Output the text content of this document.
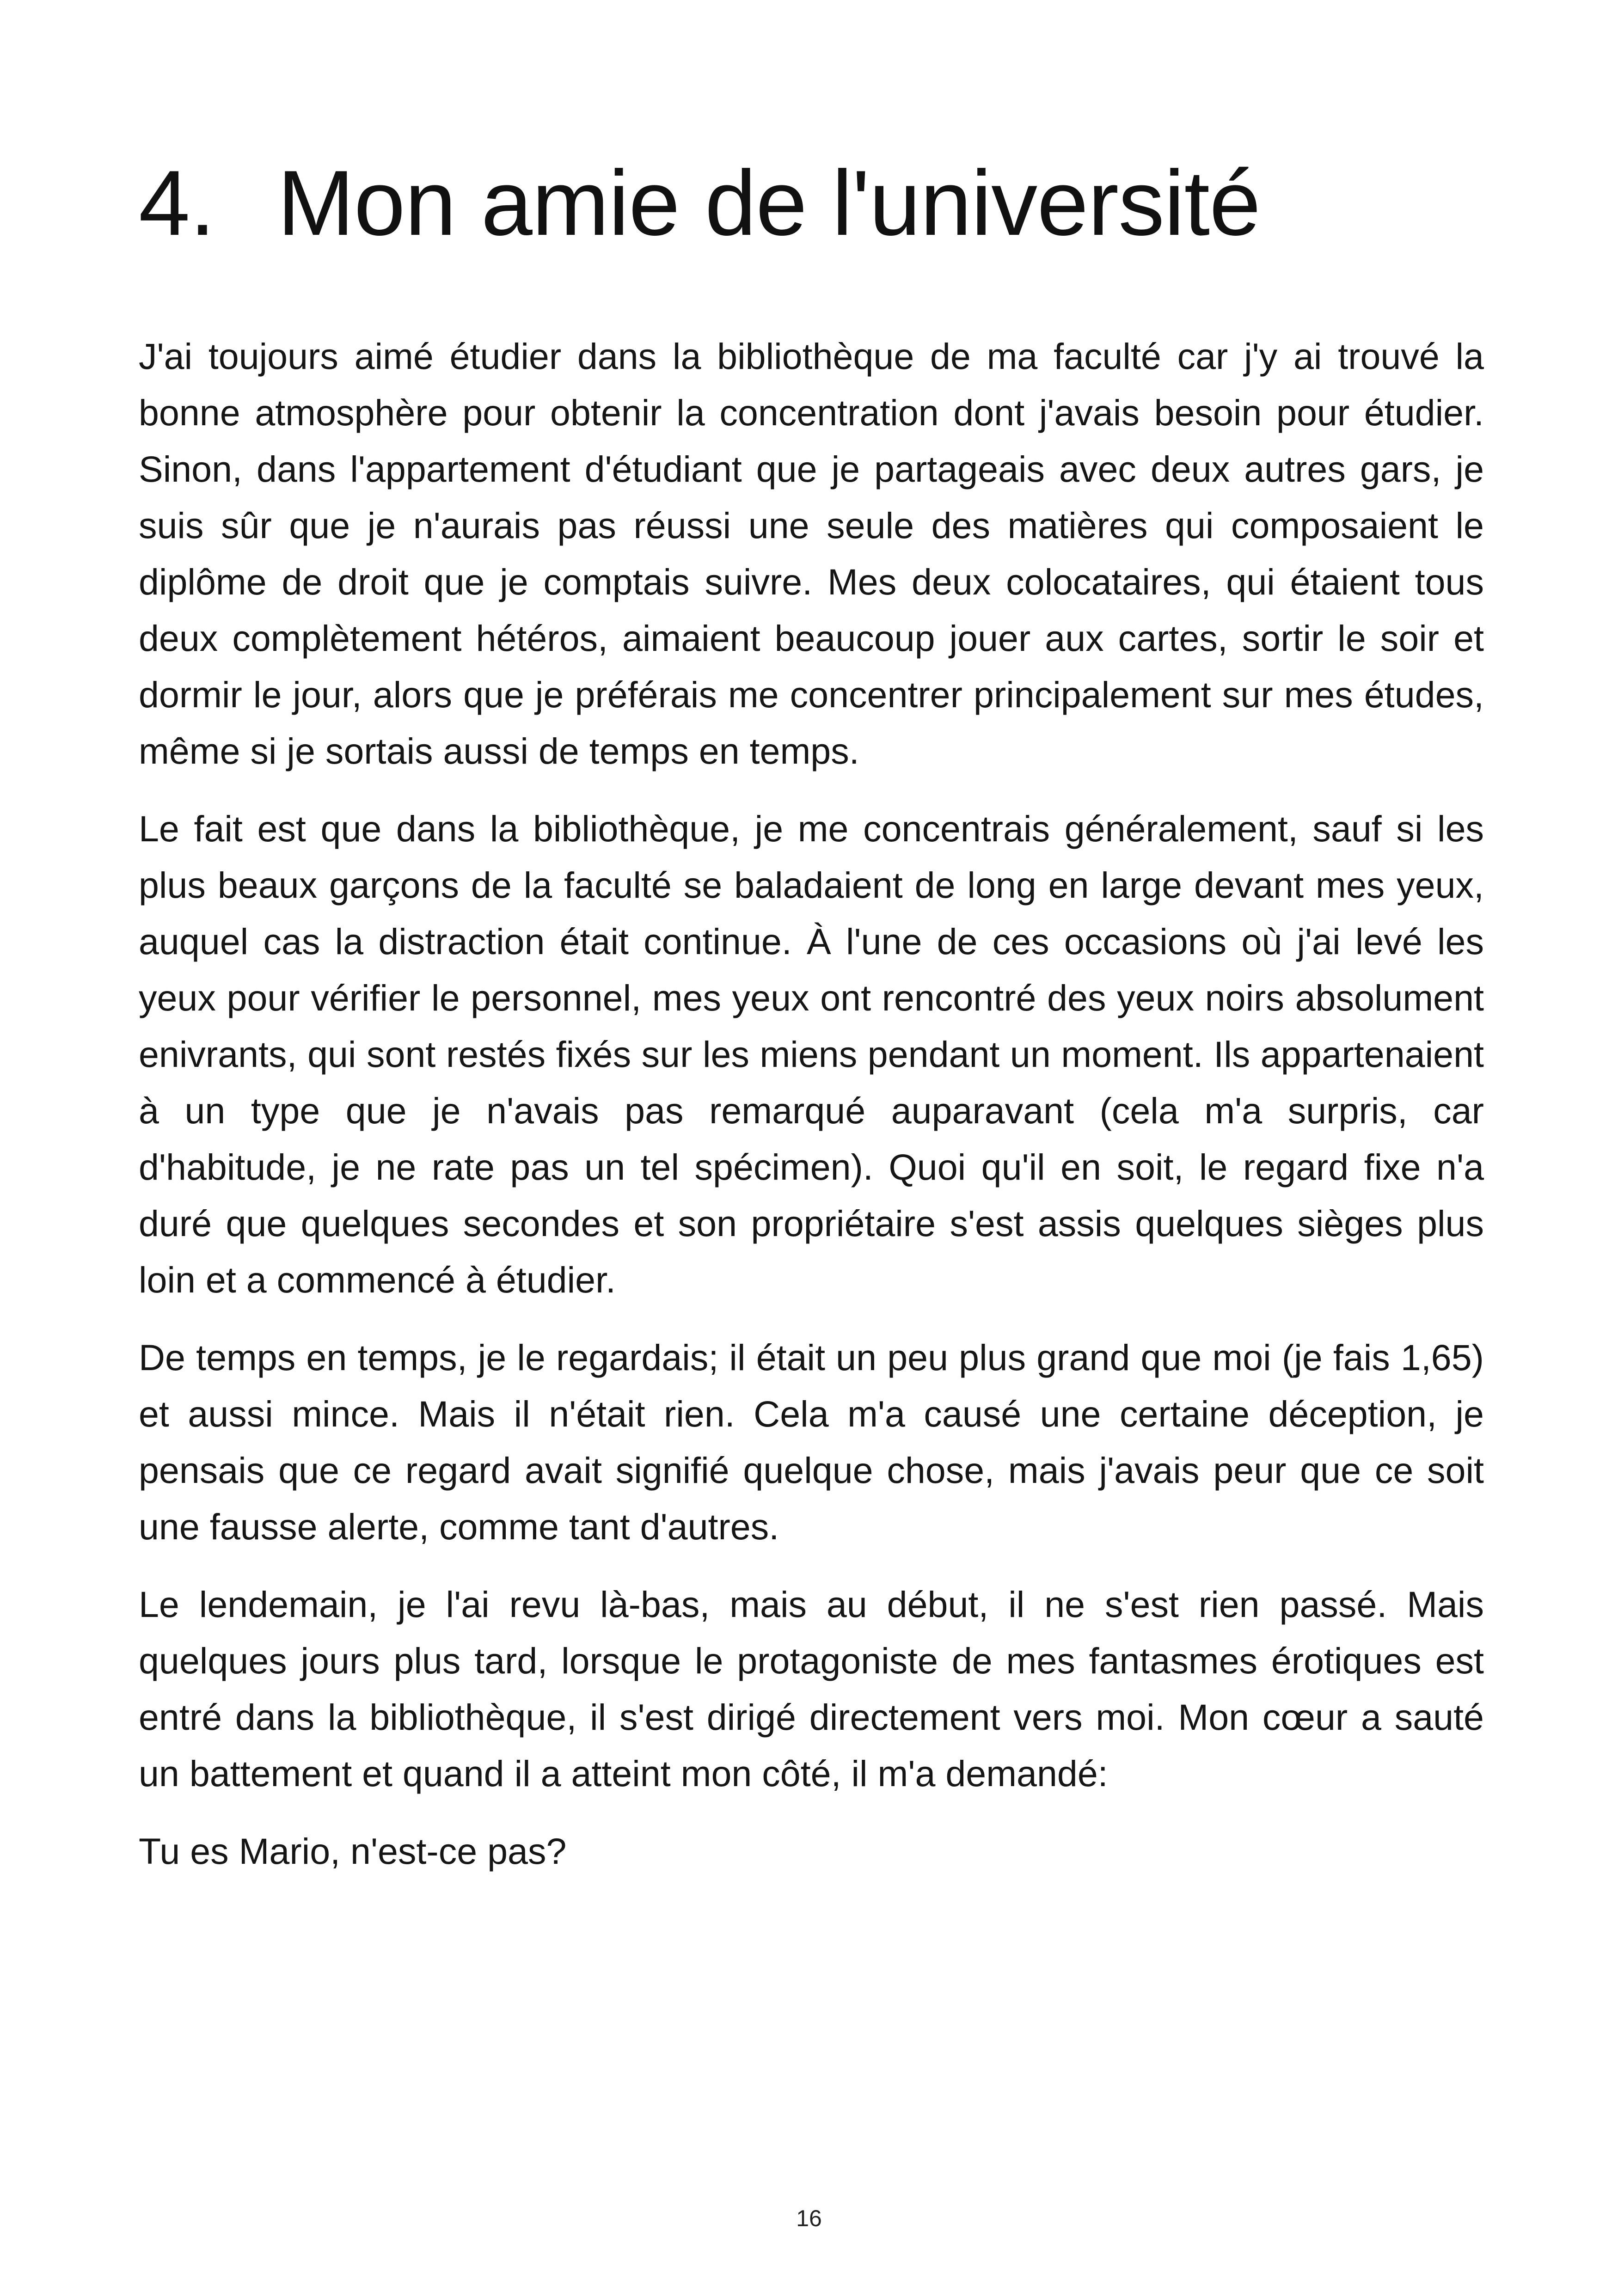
4. Mon amie de l'université

J'ai toujours aimé étudier dans la bibliothèque de ma faculté car j'y ai trouvé la bonne atmosphère pour obtenir la concentration dont j'avais besoin pour étudier. Sinon, dans l'appartement d'étudiant que je partageais avec deux autres gars, je suis sûr que je n'aurais pas réussi une seule des matières qui composaient le diplôme de droit que je comptais suivre. Mes deux colocataires, qui étaient tous deux complètement hétéros, aimaient beaucoup jouer aux cartes, sortir le soir et dormir le jour, alors que je préférais me concentrer principalement sur mes études, même si je sortais aussi de temps en temps.

Le fait est que dans la bibliothèque, je me concentrais généralement, sauf si les plus beaux garçons de la faculté se baladaient de long en large devant mes yeux, auquel cas la distraction était continue. À l'une de ces occasions où j'ai levé les yeux pour vérifier le personnel, mes yeux ont rencontré des yeux noirs absolument enivrants, qui sont restés fixés sur les miens pendant un moment. Ils appartenaient à un type que je n'avais pas remarqué auparavant (cela m'a surpris, car d'habitude, je ne rate pas un tel spécimen). Quoi qu'il en soit, le regard fixe n'a duré que quelques secondes et son propriétaire s'est assis quelques sièges plus loin et a commencé à étudier.

De temps en temps, je le regardais; il était un peu plus grand que moi (je fais 1,65) et aussi mince. Mais il n'était rien. Cela m'a causé une certaine déception, je pensais que ce regard avait signifié quelque chose, mais j'avais peur que ce soit une fausse alerte, comme tant d'autres.

Le lendemain, je l'ai revu là-bas, mais au début, il ne s'est rien passé. Mais quelques jours plus tard, lorsque le protagoniste de mes fantasmes érotiques est entré dans la bibliothèque, il s'est dirigé directement vers moi. Mon cœur a sauté un battement et quand il a atteint mon côté, il m'a demandé:

Tu es Mario, n'est-ce pas?

16
